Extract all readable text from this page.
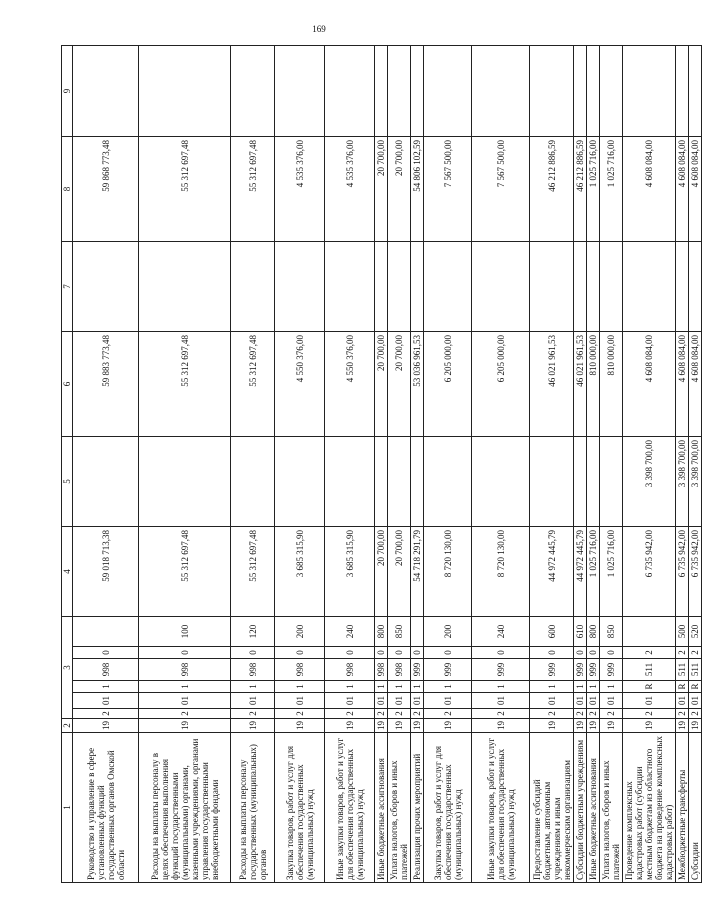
169
1	2	3						4	5	6	7	8	9	
Руководство и управление в сфере установленных функций государственных органов Омской области	19	2	01	1	998	0		59 018 713,38		59 883 773,48		59 868 773,48		
Расходы на выплаты персоналу в целях обеспечения выполнения функций государственными (муниципальными) органами, казенными учреждениями, органами управления государственными внебюджетными фондами	19	2	01	1	998	0	100	55 312 697,48		55 312 697,48		55 312 697,48		
Расходы на выплаты персоналу государственных (муниципальных) органов	19	2	01	1	998	0	120	55 312 697,48		55 312 697,48		55 312 697,48		
Закупка товаров, работ и услуг для обеспечения государственных (муниципальных) нужд	19	2	01	1	998	0	200	3 685 315,90		4 550 376,00		4 535 376,00		
Иные закупки товаров, работ и услуг для обеспечения государственных (муниципальных) нужд	19	2	01	1	998	0	240	3 685 315,90		4 550 376,00		4 535 376,00		
Иные бюджетные ассигнования	19	2	01	1	998	0	800	20 700,00		20 700,00		20 700,00		
Уплата налогов, сборов и иных платежей	19	2	01	1	998	0	850	20 700,00		20 700,00		20 700,00		
Реализация прочих мероприятий	19	2	01	1	999	0		54 718 291,79		53 036 961,53		54 806 102,59		
Закупка товаров, работ и услуг для обеспечения государственных (муниципальных) нужд	19	2	01	1	999	0	200	8 720 130,00		6 205 000,00		7 567 500,00		
Иные закупки товаров, работ и услуг для обеспечения государственных (муниципальных) нужд	19	2	01	1	999	0	240	8 720 130,00		6 205 000,00		7 567 500,00		
Предоставление субсидий бюджетным, автономным учреждениям и иным некоммерческим организациям	19	2	01	1	999	0	600	44 972 445,79		46 021 961,53		46 212 886,59		
Субсидии бюджетным учреждениям	19	2	01	1	999	0	610	44 972 445,79		46 021 961,53		46 212 886,59		
Иные бюджетные ассигнования	19	2	01	1	999	0	800	1 025 716,00		810 000,00		1 025 716,00		
Уплата налогов, сборов и иных платежей	19	2	01	1	999	0	850	1 025 716,00		810 000,00		1 025 716,00		
Проведение комплексных кадастровых работ (субсидии местным бюджетам из областного бюджета на проведение комплексных кадастровых работ)	19	2	01	R	511	2		6 735 942,00	3 398 700,00	4 608 084,00		4 608 084,00		
Межбюджетные трансферты	19	2	01	R	511	2	500	6 735 942,00	3 398 700,00	4 608 084,00		4 608 084,00		
Субсидии	19	2	01	R	511	2	520	6 735 942,00	3 398 700,00	4 608 084,00		4 608 084,00		
